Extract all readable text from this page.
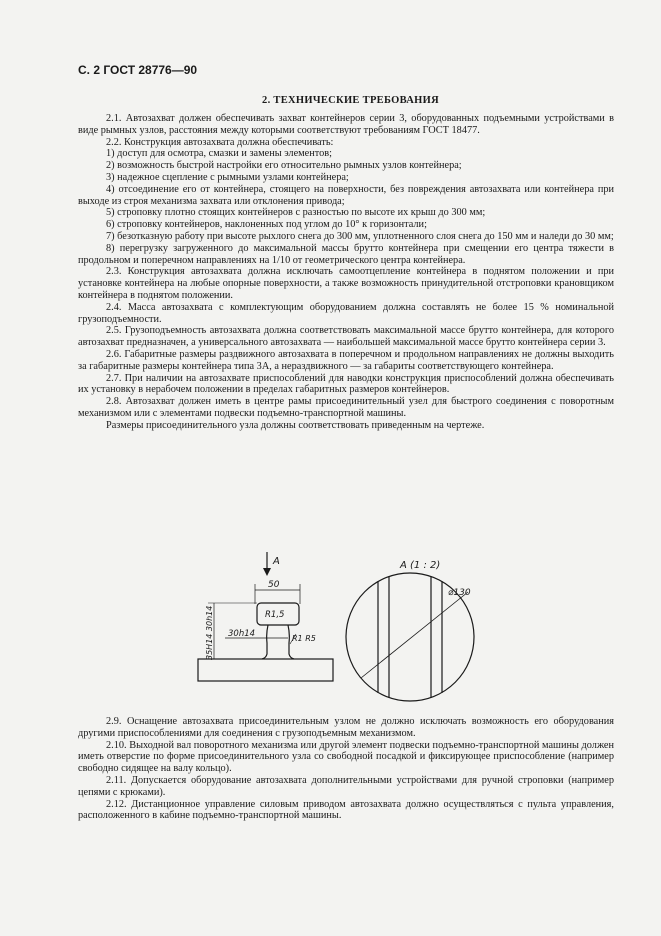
С. 2 ГОСТ 28776—90
2. ТЕХНИЧЕСКИЕ ТРЕБОВАНИЯ

2.1. Автозахват должен обеспечивать захват контейнеров серии 3, оборудованных подъемными устройствами в виде рымных узлов, расстояния между которыми соответствуют требованиям ГОСТ 18477.

2.2. Конструкция автозахвата должна обеспечивать:

1) доступ для осмотра, смазки и замены элементов;

2) возможность быстрой настройки его относительно рымных узлов контейнера;

3) надежное сцепление с рымными узлами контейнера;

4) отсоединение его от контейнера, стоящего на поверхности, без повреждения автозахвата или контейнера при выходе из строя механизма захвата или отклонения привода;

5) строповку плотно стоящих контейнеров с разностью по высоте их крыш до 300 мм;

6) строповку контейнеров, наклоненных под углом до 10° к горизонтали;

7) безотказную работу при высоте рыхлого снега до 300 мм, уплотненного слоя снега до 150 мм и наледи до 30 мм;

8) перегрузку загруженного до максимальной массы брутто контейнера при смещении его центра тяжести в продольном и поперечном направлениях на 1/10 от геометрического центра контейнера.

2.3. Конструкция автозахвата должна исключать самоотцепление контейнера в поднятом положении и при установке контейнера на любые опорные поверхности, а также возможность принудительной отстроповки крановщиком контейнера в поднятом положении.

2.4. Масса автозахвата с комплектующим оборудованием должна составлять не более 15 % номинальной грузоподъемности.

2.5. Грузоподъемность автозахвата должна соответствовать максимальной массе брутто контейнера, для которого автозахват предназначен, а универсального автозахвата — наибольшей максимальной массе брутто контейнера серии 3.

2.6. Габаритные размеры раздвижного автозахвата в поперечном и продольном направлениях не должны выходить за габаритные размеры контейнера типа 3А, а нераздвижного — за габариты соответствующего контейнера.

2.7. При наличии на автозахвате приспособлений для наводки конструкция приспособлений должна обеспечивать их установку в нерабочем положении в пределах габаритных размеров контейнеров.

2.8. Автозахват должен иметь в центре рамы присоединительный узел для быстрого соединения с поворотным механизмом или с элементами подвески подъемно-транспортной машины.

Размеры присоединительного узла должны соответствовать приведенным на чертеже.

А
50
R1,5
30h14	R1 R5
35H14 30h14
А (1 : 2)
⌀130

2.9. Оснащение автозахвата присоединительным узлом не должно исключать возможность его оборудования другими приспособлениями для соединения с грузоподъемным механизмом.

2.10. Выходной вал поворотного механизма или другой элемент подвески подъемно-транспортной машины должен иметь отверстие по форме присоединительного узла со свободной посадкой и фиксирующее приспособление (например свободно сидящее на валу кольцо).

2.11. Допускается оборудование автозахвата дополнительными устройствами для ручной строповки (например цепями с крюками).

2.12. Дистанционное управление силовым приводом автозахвата должно осуществляться с пульта управления, расположенного в кабине подъемно-транспортной машины.
